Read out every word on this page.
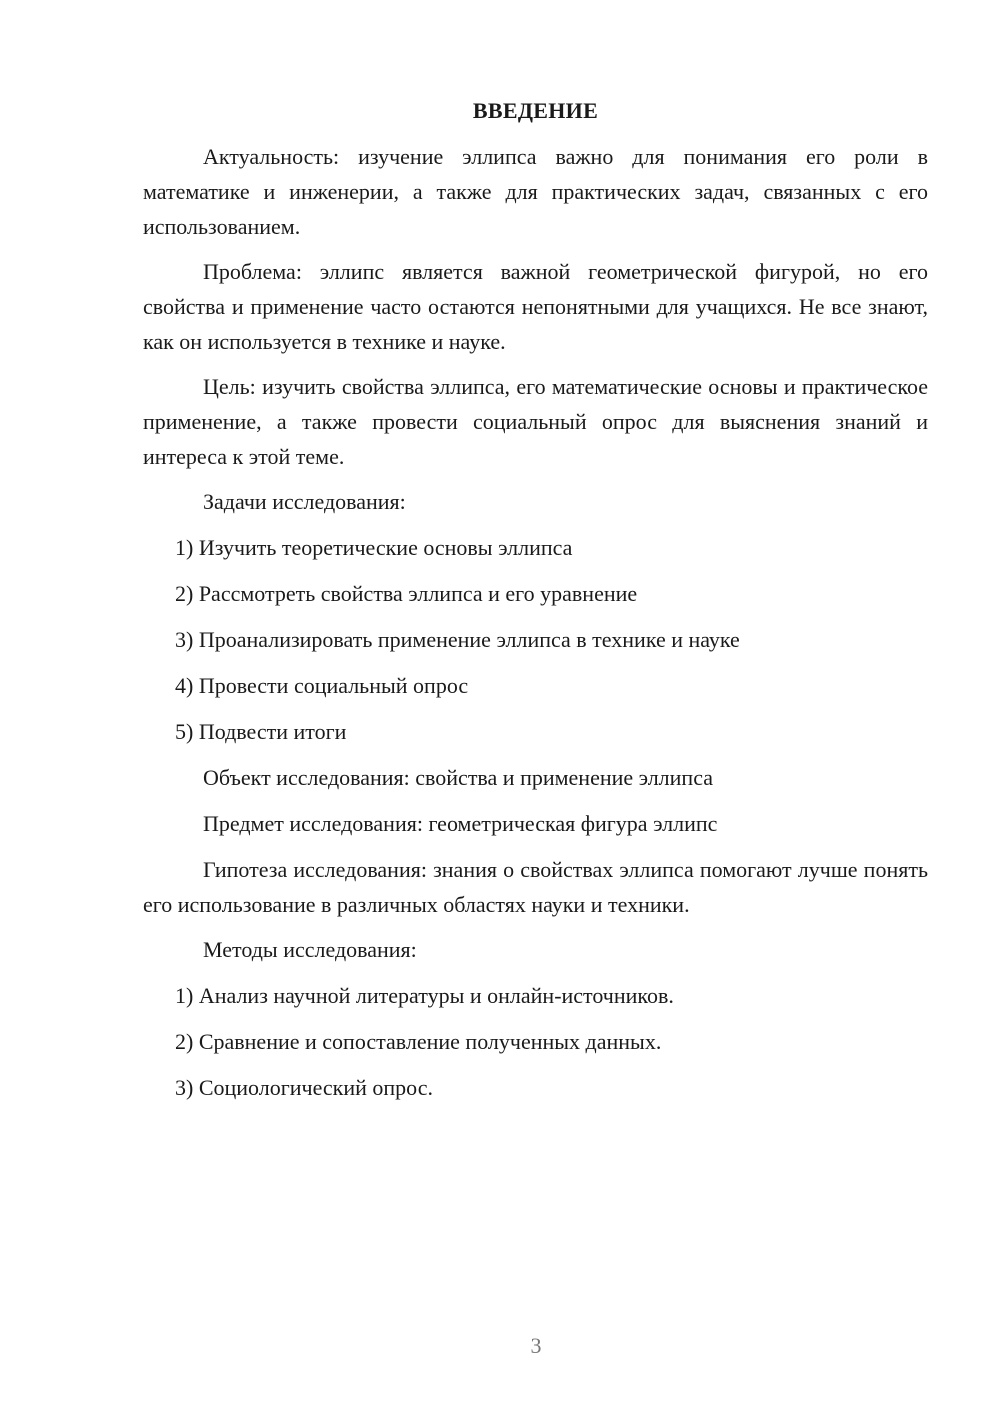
ВВЕДЕНИЕ

Актуальность: изучение эллипса важно для понимания его роли в математике и инженерии, а также для практических задач, связанных с его использованием.

Проблема: эллипс является важной геометрической фигурой, но его свойства и применение часто остаются непонятными для учащихся. Не все знают, как он используется в технике и науке.

Цель: изучить свойства эллипса, его математические основы и практическое применение, а также провести социальный опрос для выяснения знаний и интереса к этой теме.

Задачи исследования:

1) Изучить теоретические основы эллипса

2) Рассмотреть свойства эллипса и его уравнение

3) Проанализировать применение эллипса в технике и науке

4) Провести социальный опрос

5) Подвести итоги

Объект исследования: свойства и применение эллипса

Предмет исследования: геометрическая фигура эллипс

Гипотеза исследования: знания о свойствах эллипса помогают лучше понять его использование в различных областях науки и техники.

Методы исследования:

1) Анализ научной литературы и онлайн-источников.

2) Сравнение и сопоставление полученных данных.

3) Социологический опрос.

3
